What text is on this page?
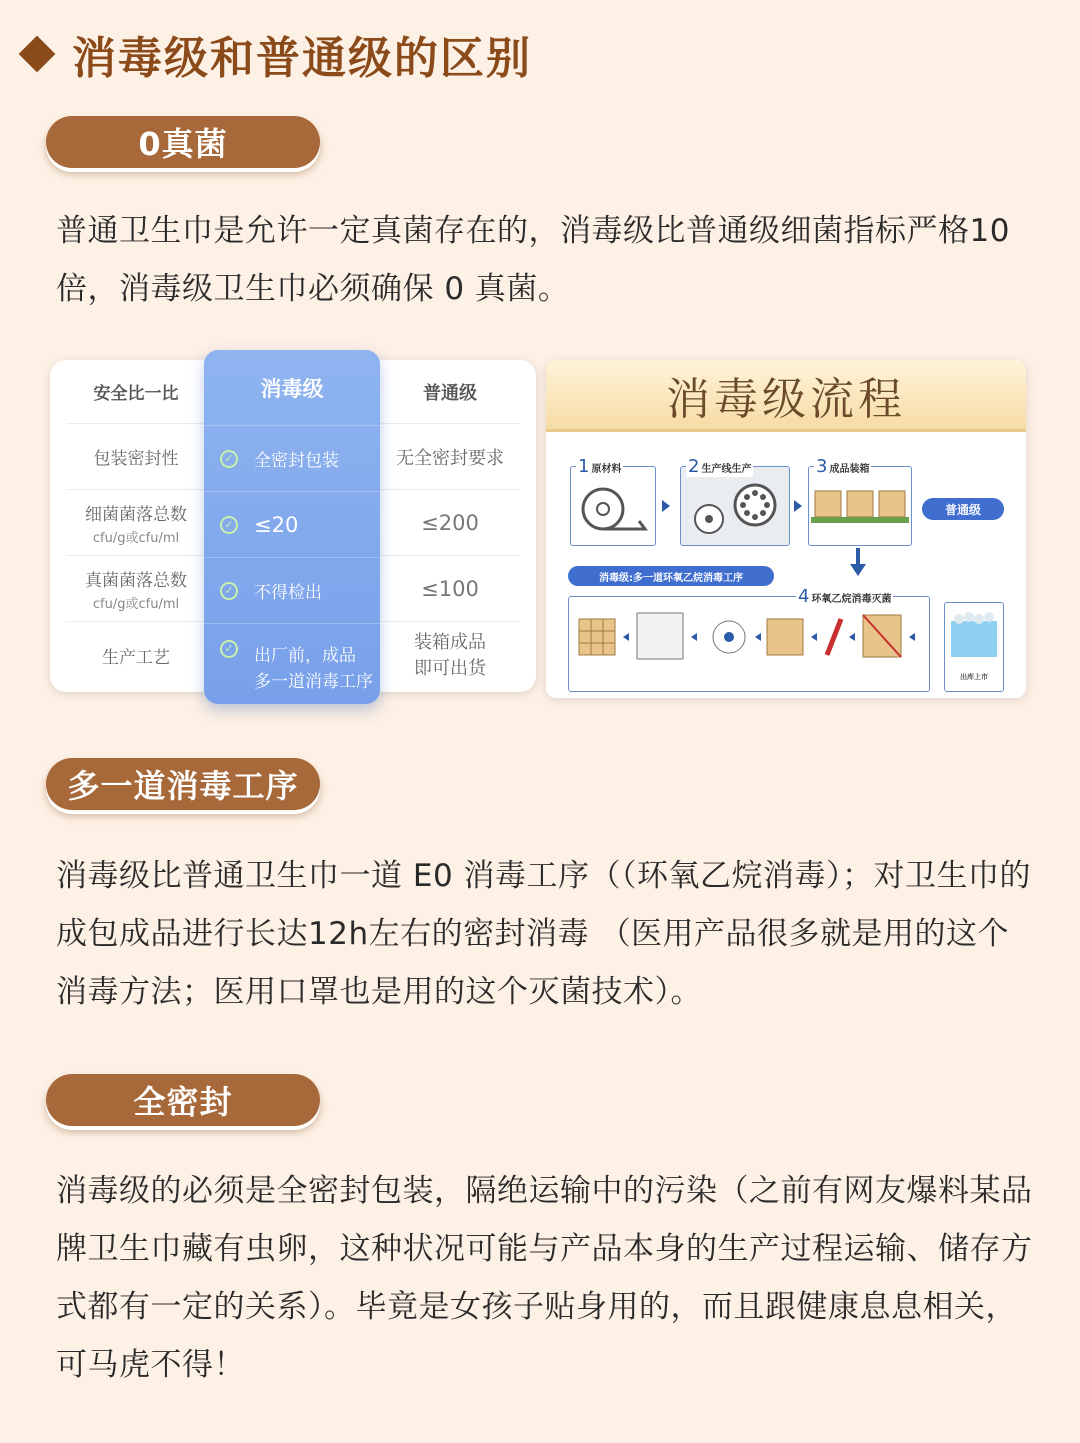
消毒级和普通级的区别
0真菌

普通卫生巾是允许一定真菌存在的，消毒级比普通级细菌指标严格10倍，消毒级卫生巾必须确保 0 真菌。

安全比一比
包装密封性
细菌菌落总数
cfu/g或cfu/ml
真菌菌落总数
cfu/g或cfu/ml
生产工艺
普通级
无全密封要求
≤200
≤100
装箱成品
即可出货
消毒级
✓ 全密封包装
✓ ≤20
✓ 不得检出
✓ 出厂前，成品
多一道消毒工序
消毒级流程
1 原材料	2 生产线生产	3 成品装箱
普通级
消毒级:多一道环氧乙烷消毒工序
4 环氧乙烷消毒灭菌
出库上市
多一道消毒工序

消毒级比普通卫生巾一道 E0 消毒工序（（环氧乙烷消毒）；对卫生巾的成包成品进行长达12h左右的密封消毒 （医用产品很多就是用的这个消毒方法；医用口罩也是用的这个灭菌技术）。

全密封

消毒级的必须是全密封包装，隔绝运输中的污染（之前有网友爆料某品牌卫生巾藏有虫卵，这种状况可能与产品本身的生产过程运输、储存方式都有一定的关系）。毕竟是女孩子贴身用的，而且跟健康息息相关，可马虎不得！
